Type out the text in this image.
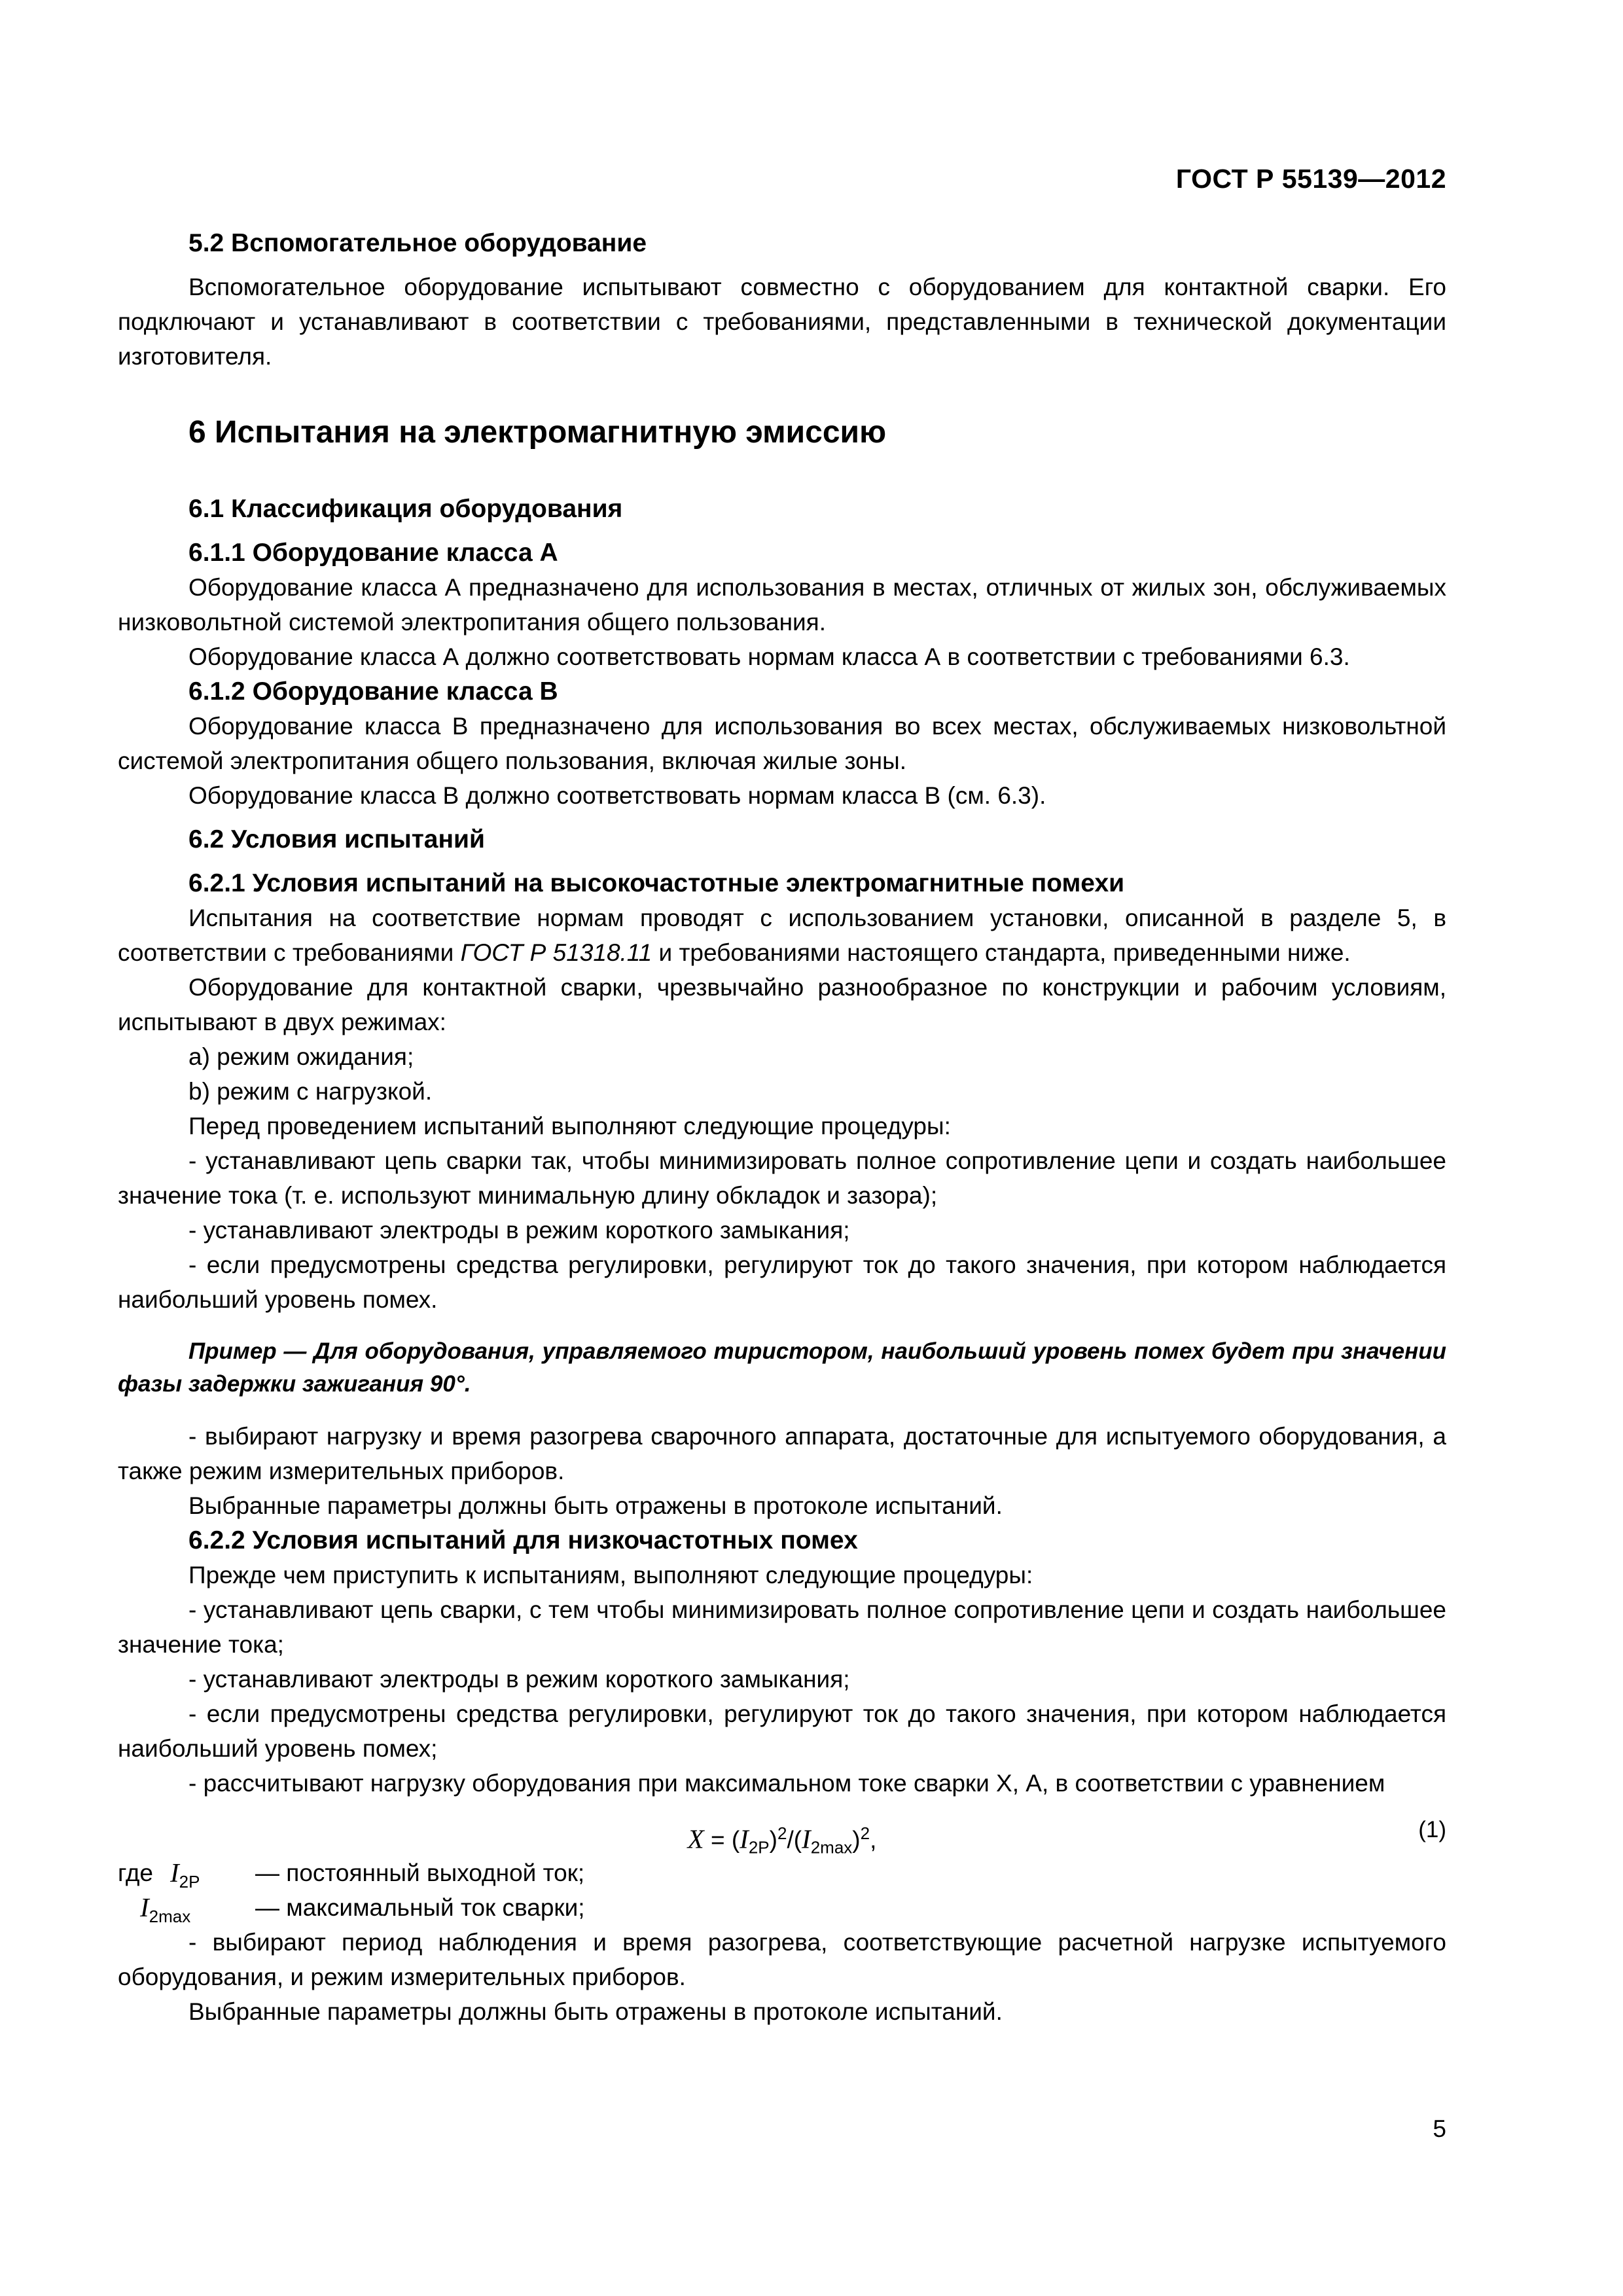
ГОСТ Р 55139—2012

5.2 Вспомогательное оборудование

Вспомогательное оборудование испытывают совместно с оборудованием для контактной сварки. Его подключают и устанавливают в соответствии с требованиями, представленными в технической документации изготовителя.

6 Испытания на электромагнитную эмиссию

6.1 Классификация оборудования

6.1.1 Оборудование класса А

Оборудование класса А предназначено для использования в местах, отличных от жилых зон, обслуживаемых низковольтной системой электропитания общего пользования.

Оборудование класса А должно соответствовать нормам класса А в соответствии с требованиями 6.3.

6.1.2 Оборудование класса В

Оборудование класса В предназначено для использования во всех местах, обслуживаемых низковольтной системой электропитания общего пользования, включая жилые зоны.

Оборудование класса В должно соответствовать нормам класса В (см. 6.3).

6.2 Условия испытаний

6.2.1 Условия испытаний на высокочастотные электромагнитные помехи

Испытания на соответствие нормам проводят с использованием установки, описанной в разделе 5, в соответствии с требованиями ГОСТ Р 51318.11 и требованиями настоящего стандарта, приведенными ниже.

Оборудование для контактной сварки, чрезвычайно разнообразное по конструкции и рабочим условиям, испытывают в двух режимах:

a) режим ожидания;

b) режим с нагрузкой.

Перед проведением испытаний выполняют следующие процедуры:

- устанавливают цепь сварки так, чтобы минимизировать полное сопротивление цепи и создать наибольшее значение тока (т. е. используют минимальную длину обкладок и зазора);

- устанавливают электроды в режим короткого замыкания;

- если предусмотрены средства регулировки, регулируют ток до такого значения, при котором наблюдается наибольший уровень помех.

Пример — Для оборудования, управляемого тиристором, наибольший уровень помех будет при значении фазы задержки зажигания 90°.

- выбирают нагрузку и время разогрева сварочного аппарата, достаточные для испытуемого оборудования, а также режим измерительных приборов.

Выбранные параметры должны быть отражены в протоколе испытаний.

6.2.2 Условия испытаний для низкочастотных помех

Прежде чем приступить к испытаниям, выполняют следующие процедуры:

- устанавливают цепь сварки, с тем чтобы минимизировать полное сопротивление цепи и создать наибольшее значение тока;

- устанавливают электроды в режим короткого замыкания;

- если предусмотрены средства регулировки, регулируют ток до такого значения, при котором наблюдается наибольший уровень помех;

- рассчитывают нагрузку оборудования при максимальном токе сварки X, А, в соответствии с уравнением

$X = (I_{2P})^2/(I_{2max})^2$,	(1)
где $I_{2P}$ — постоянный выходной ток;
$I_{2max}$	— максимальный ток сварки;

- выбирают период наблюдения и время разогрева, соответствующие расчетной нагрузке испытуемого оборудования, и режим измерительных приборов.

Выбранные параметры должны быть отражены в протоколе испытаний.

5
